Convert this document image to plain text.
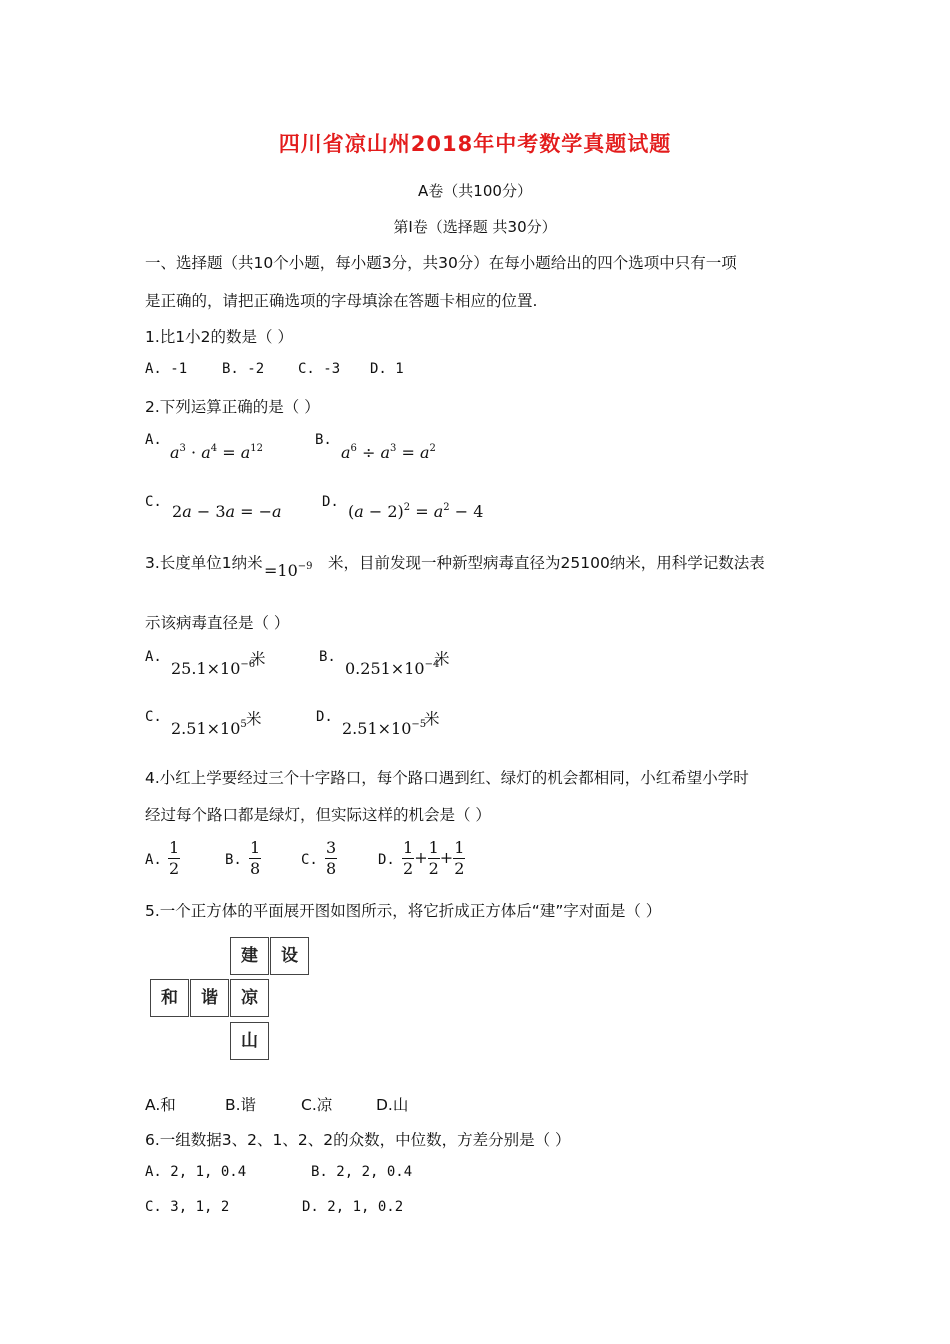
四川省凉山州2018年中考数学真题试题
A卷（共100分）
第I卷（选择题 共30分）
一、选择题（共10个小题，每小题3分，共30分）在每小题给出的四个选项中只有一项
是正确的，请把正确选项的字母填涂在答题卡相应的位置.
1.比1小2的数是（ ）
A. -1 B. -2 C. -3 D. 1
2.下列运算正确的是（ ）
A.
$a^3 \cdot a^4 = a^{12}$
B.
$a^6 \div a^3 = a^2$
C. 2a − 3a = −a	D. $(a - 2)^2 = a^2 - 4$
3.长度单位1纳米 $=10^{-9}$ 米，目前发现一种新型病毒直径为25100纳米，用科学记数法表
示该病毒直径是（ ）
A.
$25.1\times 10^{-6}$
米	B.
$0.251\times 10^{-4}$
米
C.
$2.51\times 10^5$ 米	D.
$2.51\times 10^{-5}$
米
4.小红上学要经过三个十字路口，每个路口遇到红、绿灯的机会都相同，小红希望小学时
经过每个路口都是绿灯，但实际这样的机会是（ ）
A. $\frac{1}{2}$	B. $\frac{1}{8}$	C. $\frac{3}{8}$	D. $\frac{1}{2} + \frac{1}{2} + \frac{1}{2}$
5.一个正方体的平面展开图如图所示，将它折成正方体后“建”字对面是（ ）
建	设
和	谐	凉
山
A.和	B.谐	C.凉	D.山
6.一组数据3、2、1、2、2的众数，中位数，方差分别是（ ）
A. 2, 1, 0.4	B. 2, 2, 0.4
C. 3, 1, 2	D. 2, 1, 0.2
